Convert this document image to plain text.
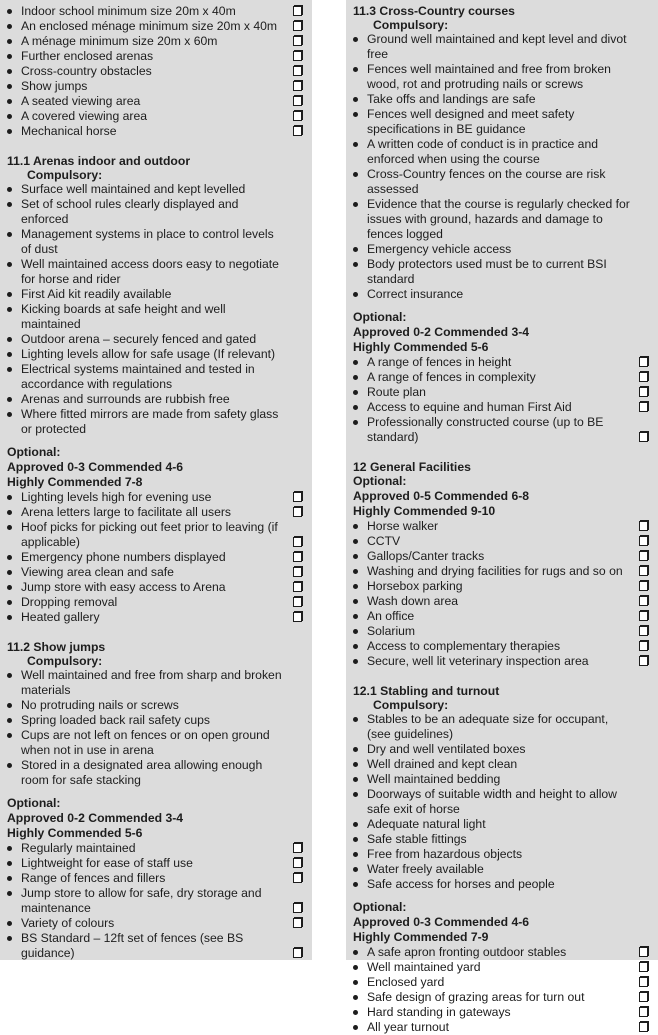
Indoor school minimum size 20m x 40m
An enclosed ménage minimum size 20m x 40m
A ménage minimum size 20m x 60m
Further enclosed arenas
Cross-country obstacles
Show jumps
A seated viewing area
A covered viewing area
Mechanical horse
11.1 Arenas indoor and outdoor
Compulsory:
Surface well maintained and kept levelled
Set of school rules clearly displayed and enforced
Management systems in place to control levels of dust
Well maintained access doors easy to negotiate for horse and rider
First Aid kit readily available
Kicking boards at safe height and well maintained
Outdoor arena – securely fenced and gated
Lighting levels allow for safe usage (If relevant)
Electrical systems maintained and tested in accordance with regulations
Arenas and surrounds are rubbish free
Where fitted mirrors are made from safety glass or protected
Optional:
Approved 0-3 Commended 4-6
Highly Commended 7-8
Lighting levels high for evening use
Arena letters large to facilitate all users
Hoof picks for picking out feet prior to leaving (if applicable)
Emergency phone numbers displayed
Viewing area clean and safe
Jump store with easy access to Arena
Dropping removal
Heated gallery
11.2 Show jumps
Compulsory:
Well maintained and free from sharp and broken materials
No protruding nails or screws
Spring loaded back rail safety cups
Cups are not left on fences or on open ground when not in use in arena
Stored in a designated area allowing enough room for safe stacking
Optional:
Approved 0-2 Commended 3-4
Highly Commended 5-6
Regularly maintained
Lightweight for ease of staff use
Range of fences and fillers
Jump store to allow for safe, dry storage and maintenance
Variety of colours
BS Standard – 12ft set of fences (see BS guidance)
11.3 Cross-Country courses
Compulsory:
Ground well maintained and kept level and divot free
Fences well maintained and free from broken wood, rot and protruding nails or screws
Take offs and landings are safe
Fences well designed and meet safety specifications in BE guidance
A written code of conduct is in practice and enforced when using the course
Cross-Country fences on the course are risk assessed
Evidence that the course is regularly checked for issues with ground, hazards and damage to fences logged
Emergency vehicle access
Body protectors used must be to current BSI standard
Correct insurance
Optional:
Approved 0-2 Commended 3-4
Highly Commended 5-6
A range of fences in height
A range of fences in complexity
Route plan
Access to equine and human First Aid
Professionally constructed course (up to BE standard)
12 General Facilities
Optional:
Approved 0-5 Commended 6-8
Highly Commended 9-10
Horse walker
CCTV
Gallops/Canter tracks
Washing and drying facilities for rugs and so on
Horsebox parking
Wash down area
An office
Solarium
Access to complementary therapies
Secure, well lit veterinary inspection area
12.1 Stabling and turnout
Compulsory:
Stables to be an adequate size for occupant, (see guidelines)
Dry and well ventilated boxes
Well drained and kept clean
Well maintained bedding
Doorways of suitable width and height to allow safe exit of horse
Adequate natural light
Safe stable fittings
Free from hazardous objects
Water freely available
Safe access for horses and people
Optional:
Approved 0-3 Commended 4-6
Highly Commended 7-9
A safe apron fronting outdoor stables
Well maintained yard
Enclosed yard
Safe design of grazing areas for turn out
Hard standing in gateways
All year turnout
